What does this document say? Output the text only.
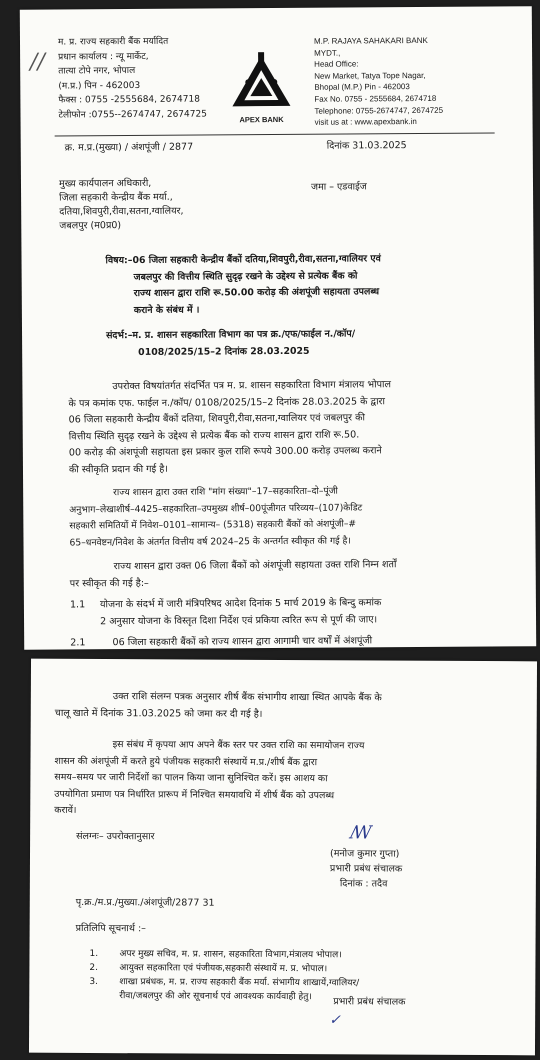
//
म. प्र. राज्य सहकारी बैंक मर्यादित
प्रधान कार्यालय : न्यू मार्केट,
तात्या टोपे नगर, भोपाल
(म.प्र.) पिन - 462003
फैक्स : 0755 -2555684, 2674718
टेलीफोन :0755--2674747, 2674725	APEX BANK
M.P. RAJAYA SAHAKARI BANK
MYDT.,
Head Office:
New Market, Tatya Tope Nagar,
Bhopal (M.P.) Pin - 462003
Fax No. 0755 - 2555684, 2674718
Telephone: 0755-2674747, 2674725
visit us at : www.apexbank.in
क्र. म.प्र.(मुख्या) / अंशपूंजी / 2877	दिनांक 31.03.2025
मुख्य कार्यपालन अधिकारी,
जिला सहकारी केन्द्रीय बैंक मर्या.,
दतिया,शिवपुरी,रीवा,सतना,ग्वालियर,
जबलपुर (म0प्र0)
जमा – एडवाईज
विषय:–06 जिला सहकारी केन्द्रीय बैंकों दतिया,शिवपुरी,रीवा,सतना,ग्वालियर एवं
जबलपुर की वित्तीय स्थिति सुदृढ़ रखने के उद्देश्य से प्रत्येक बैंक को
राज्य शासन द्वारा राशि रू.50.00 करोड़ की अंशपूंजी सहायता उपलब्ध
कराने के संबंध में ।
संदर्भ:–म. प्र. शासन सहकारिता विभाग का पत्र क्र./एफ/फाईल न./कॉप/
0108/2025/15–2 दिनांक 28.03.2025
उपरोक्त विषयांतर्गत संदर्भित पत्र म. प्र. शासन सहकारिता विभाग मंत्रालय भोपाल
के पत्र कमांक एफ. फाईल न./कॉप/ 0108/2025/15–2 दिनांक 28.03.2025 के द्वारा
06 जिला सहकारी केन्द्रीय बैंकों दतिया, शिवपुरी,रीवा,सतना,ग्वालियर एवं जबलपुर की
वित्तीय स्थिति सुदृढ़ रखने के उद्देश्य से प्रत्येक बैंक को राज्य शासन द्वारा राशि रू.50.
00 करोड़ की अंशपूंजी सहायता इस प्रकार कुल राशि रूपये 300.00 करोड़ उपलब्ध कराने
की स्वीकृति प्रदान की गई है।
राज्य शासन द्वारा उक्त राशि "मांग संख्या"–17–सहकारिता–दो–पूंजी
अनुभाग–लेखाशीर्ष–4425–सहकारिता–उपमुख्य शीर्ष–00पूंजीगत परिव्यय–(107)केडिट
सहकारी समितियों में निवेश–0101–सामान्य– (5318) सहकारी बैंकों को अंशपूंजी–#
65–धनवेष्टन/निवेश के अंतर्गत वित्तीय वर्ष 2024–25 के अन्तर्गत स्वीकृत की गई है।
राज्य शासन द्वारा उक्त 06 जिला बैंकों को अंशपूंजी सहायता उक्त राशि निम्न शर्तों
पर स्वीकृत की गई है:–
1.1	योजना के संदर्भ में जारी मंत्रिपरिषद आदेश दिनांक 5 मार्च 2019 के बिन्दु कमांक
2 अनुसार योजना के विस्तृत दिशा निर्देश एवं प्रकिया त्वरित रूप से पूर्ण की जाए।
2.1	06 जिला सहकारी बैंकों को राज्य शासन द्वारा आगामी चार वर्षों में अंशपूंजी
उक्त राशि संलग्न पत्रक अनुसार शीर्ष बैंक संभागीय शाखा स्थित आपके बैंक के
चालू खाते में दिनांक 31.03.2025 को जमा कर दी गई है।
इस संबंध में कृपया आप अपने बैंक स्तर पर उक्त राशि का समायोजन राज्य
शासन की अंशपूंजी में करते हुये पंजीयक सहकारी संस्थायें म.प्र./शीर्ष बैंक द्वारा
समय–समय पर जारी निर्देशों का पालन किया जाना सुनिश्चित करें। इस आशय का
उपयोगिता प्रमाण पत्र निर्धारित प्रारूप में निश्चित समयावधि में शीर्ष बैंक को उपलब्ध
करावें।
संलग्नः– उपरोक्तानुसार	ꟿ
(मनोज कुमार गुप्ता)
प्रभारी प्रबंध संचालक
दिनांक : तदैव
पृ.क्र./म.प्र./मुख्या./अंशपूंजी/2877 31
प्रतिलिपि सूचनार्थ :–
1. अपर मुख्य सचिव, म. प्र. शासन, सहकारिता विभाग,मंत्रालय भोपाल।
2. आयुक्त सहकारिता एवं पंजीयक,सहकारी संस्थायें म. प्र. भोपाल।
3. शाखा प्रबंधक, म. प्र. राज्य सहकारी बैंक मर्या. संभागीय शाखायें,ग्वालियर/
रीवा/जबलपुर की ओर सूचनार्थ एवं आवश्यक कार्यवाही हेतु।	प्रभारी प्रबंध संचालक
✓
